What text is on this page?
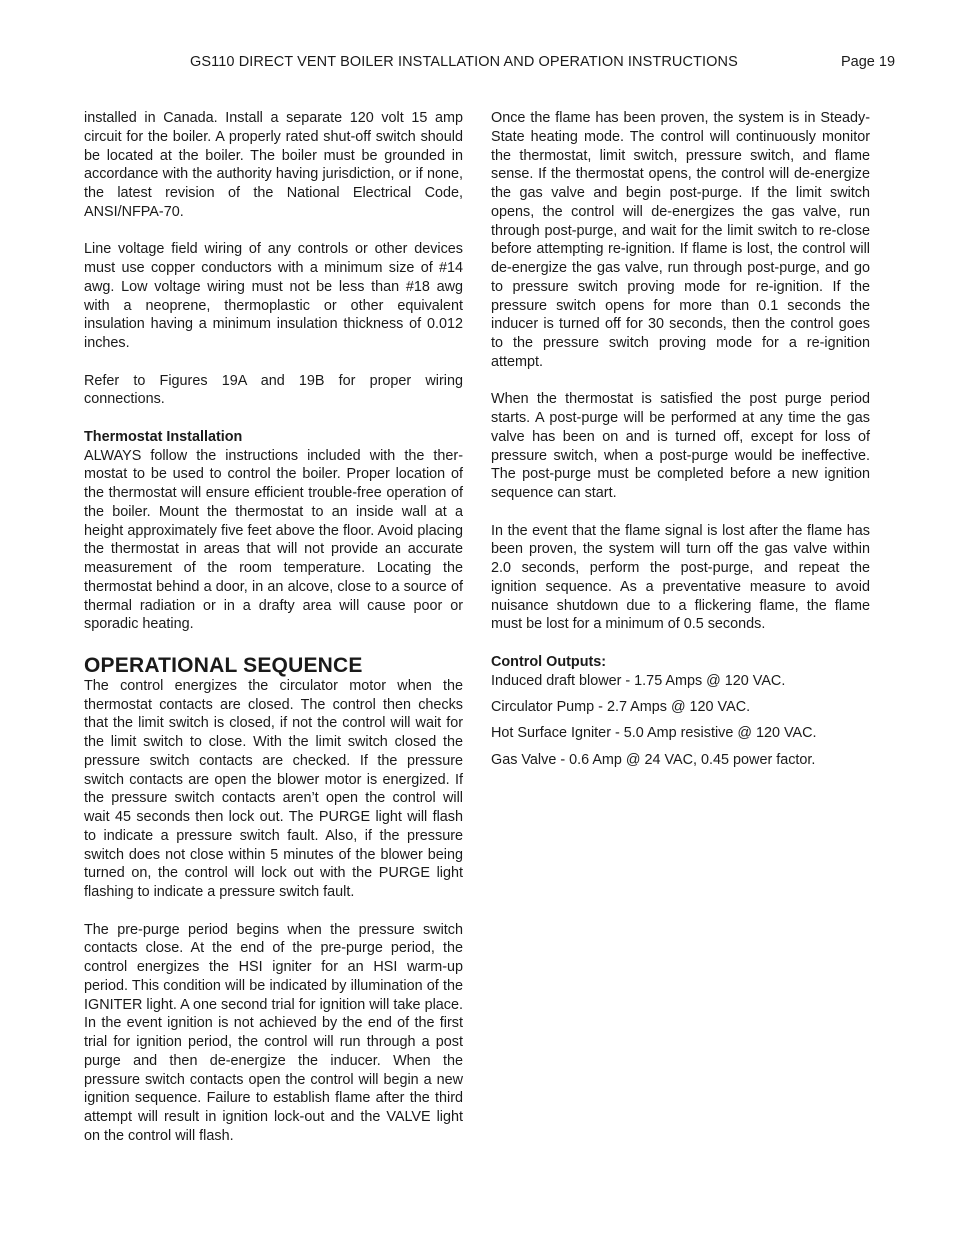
GS110 DIRECT VENT BOILER INSTALLATION AND OPERATION INSTRUCTIONS	Page 19

installed in Canada. Install a separate 120 volt 15 amp circuit for the boiler. A properly rated shut-off switch should be located at the boiler. The boiler must be grounded in accordance with the authority having jurisdiction, or if none, the latest revision of the National Electrical Code, ANSI/NFPA-70.

Line voltage field wiring of any controls or other devices must use copper conductors with a minimum size of #14 awg. Low voltage wiring must not be less than #18 awg with a neoprene, thermoplastic or other equivalent insulation having a minimum insulation thickness of 0.012 inches.

Refer to Figures 19A and 19B for proper wiring connections.

Thermostat Installation

ALWAYS follow the instructions included with the thermostat to be used to control the boiler. Proper location of the thermostat will ensure efficient trouble-free operation of the boiler. Mount the thermostat to an inside wall at a height approximately five feet above the floor. Avoid placing the thermostat in areas that will not provide an accurate measurement of the room temperature. Locating the thermostat behind a door, in an alcove, close to a source of thermal radiation or in a drafty area will cause poor or sporadic heating.

OPERATIONAL SEQUENCE

The control energizes the circulator motor when the thermostat contacts are closed. The control then checks that the limit switch is closed, if not the control will wait for the limit switch to close. With the limit switch closed the pressure switch contacts are checked. If the pressure switch contacts are open the blower motor is energized. If the pressure switch contacts aren’t open the control will wait 45 seconds then lock out. The PURGE light will flash to indicate a pressure switch fault. Also, if the pressure switch does not close within 5 minutes of the blower being turned on, the control will lock out with the PURGE light flashing to indicate a pressure switch fault.

The pre-purge period begins when the pressure switch contacts close. At the end of the pre-purge period, the control energizes the HSI igniter for an HSI warm-up period. This condition will be indicated by illumination of the IGNITER light. A one second trial for ignition will take place. In the event ignition is not achieved by the end of the first trial for ignition period, the control will run through a post purge and then de-energize the inducer. When the pressure switch contacts open the control will begin a new ignition sequence. Failure to establish flame after the third attempt will result in ignition lock-out and the VALVE light on the control will flash.

Once the flame has been proven, the system is in Steady-State heating mode. The control will continuously monitor the thermostat, limit switch, pressure switch, and flame sense. If the thermostat opens, the control will de-energize the gas valve and begin post-purge. If the limit switch opens, the control will de-energizes the gas valve, run through post-purge, and wait for the limit switch to re-close before attempting re-ignition. If flame is lost, the control will de-energize the gas valve, run through post-purge, and go to pressure switch proving mode for re-ignition. If the pressure switch opens for more than 0.1 seconds the inducer is turned off for 30 seconds, then the control goes to the pressure switch proving mode for a re-ignition attempt.

When the thermostat is satisfied the post purge period starts. A post-purge will be performed at any time the gas valve has been on and is turned off, except for loss of pressure switch, when a post-purge would be ineffective. The post-purge must be completed before a new ignition sequence can start.

In the event that the flame signal is lost after the flame has been proven, the system will turn off the gas valve within 2.0 seconds, perform the post-purge, and repeat the ignition sequence. As a preventative measure to avoid nuisance shutdown due to a flickering flame, the flame must be lost for a minimum of 0.5 seconds.

Control Outputs:
Induced draft blower - 1.75 Amps @ 120 VAC.
Circulator Pump - 2.7 Amps @ 120 VAC.
Hot Surface Igniter - 5.0 Amp resistive @ 120 VAC.
Gas Valve - 0.6 Amp @ 24 VAC, 0.45 power factor.
